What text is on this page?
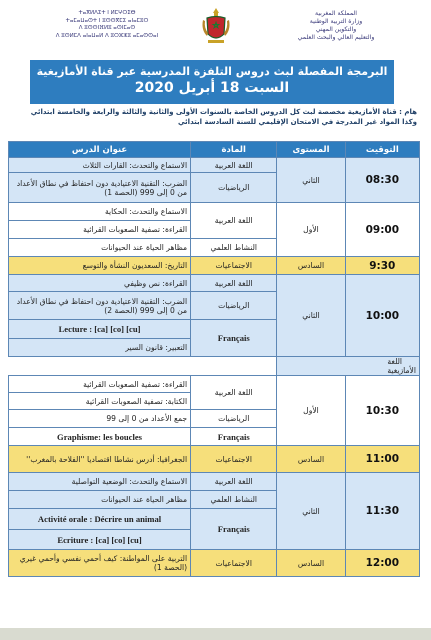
ⵜⴰⴳⵍⴷⵉⵜ ⵏ ⵍⵎⵖⵔⵉⴱ
ⵜⴰⵎⴰⵡⴰⵙⵜ ⵏ ⵓⵙⵙⴳⵎⵉ ⴰⵏⴰⵎⵓⵔ
ⴷ ⵓⵙⵙⵏⴼⵍⵓ ⴰⵙⵏⵎⴰⵙ
ⴷ ⵓⵙⵍⵎⴷ ⴰⵏⴰⵡⴰⵍ ⴷ ⵓⵔⵣⵣⵓ ⴰⵎⴰⵙⵙⴰⵏ
المملكة المغربية
وزارة التربية الوطنية
والتكوين المهني
والتعليم العالي والبحث العلمي
البرمجة المفصلة لبث دروس التلفزة المدرسية عبر قناة الأمازيغية
السبت 18 أبريل 2020
هام : قناة الأمازيغية مخصصة لبث كل الدروس الخاصة بالسنوات الأولى والثانية والثالثة والرابعة والخامسة ابتدائي وكذا المواد غير المدرجة في الامتحان الإقليمي للسنة السادسة ابتدائي
التوقيت	المستوى	المادة	عنوان الدرس
08:30	الثاني	اللغة العربية	الاستماع والتحدث: القارات الثلاث
		الرياضيات	الضرب: التقنية الاعتيادية دون احتفاظ في نطاق الأعداد من 0 إلى 999 (الحصة 1)
09:00	الأول	اللغة العربية	الاستماع والتحدث: الحكاية
			القراءة: تصفية الصعوبات القرائية
		النشاط العلمي	مظاهر الحياة عند الحيوانات
9:30	السادس	الاجتماعيات	التاريخ: السعديون النشأة والتوسع
10:00	الثاني	اللغة العربية	القراءة: نص وظيفي
		الرياضيات	الضرب: التقنية الاعتيادية دون احتفاظ في نطاق الأعداد من 0 إلى 999 (الحصة 2)
		Français	Lecture : [ca] [co] [cu]
			التعبير: قانون السير
اللغة الأمازيغية			
10:30	الأول	اللغة العربية	القراءة: تصفية الصعوبات القرائية
			الكتابة: تصفية الصعوبات القرائية
		الرياضيات	جمع الأعداد من 0 إلى 99
		Français	Graphisme: les boucles
11:00	السادس	الاجتماعيات	الجغرافيا: أدرس نشاطا اقتصاديا ''الفلاحة بالمغرب''
11:30	الثاني	اللغة العربية	الاستماع والتحدث: الوضعية التواصلية
		النشاط العلمي	مظاهر الحياة عند الحيوانات
		Français	Activité orale : Décrire un animal
			Ecriture : [ca] [co] [cu]
12:00	السادس	الاجتماعيات	التربية على المواطنة: كيف أحمي نفسي وأحمي غيري (الحصة 1)
